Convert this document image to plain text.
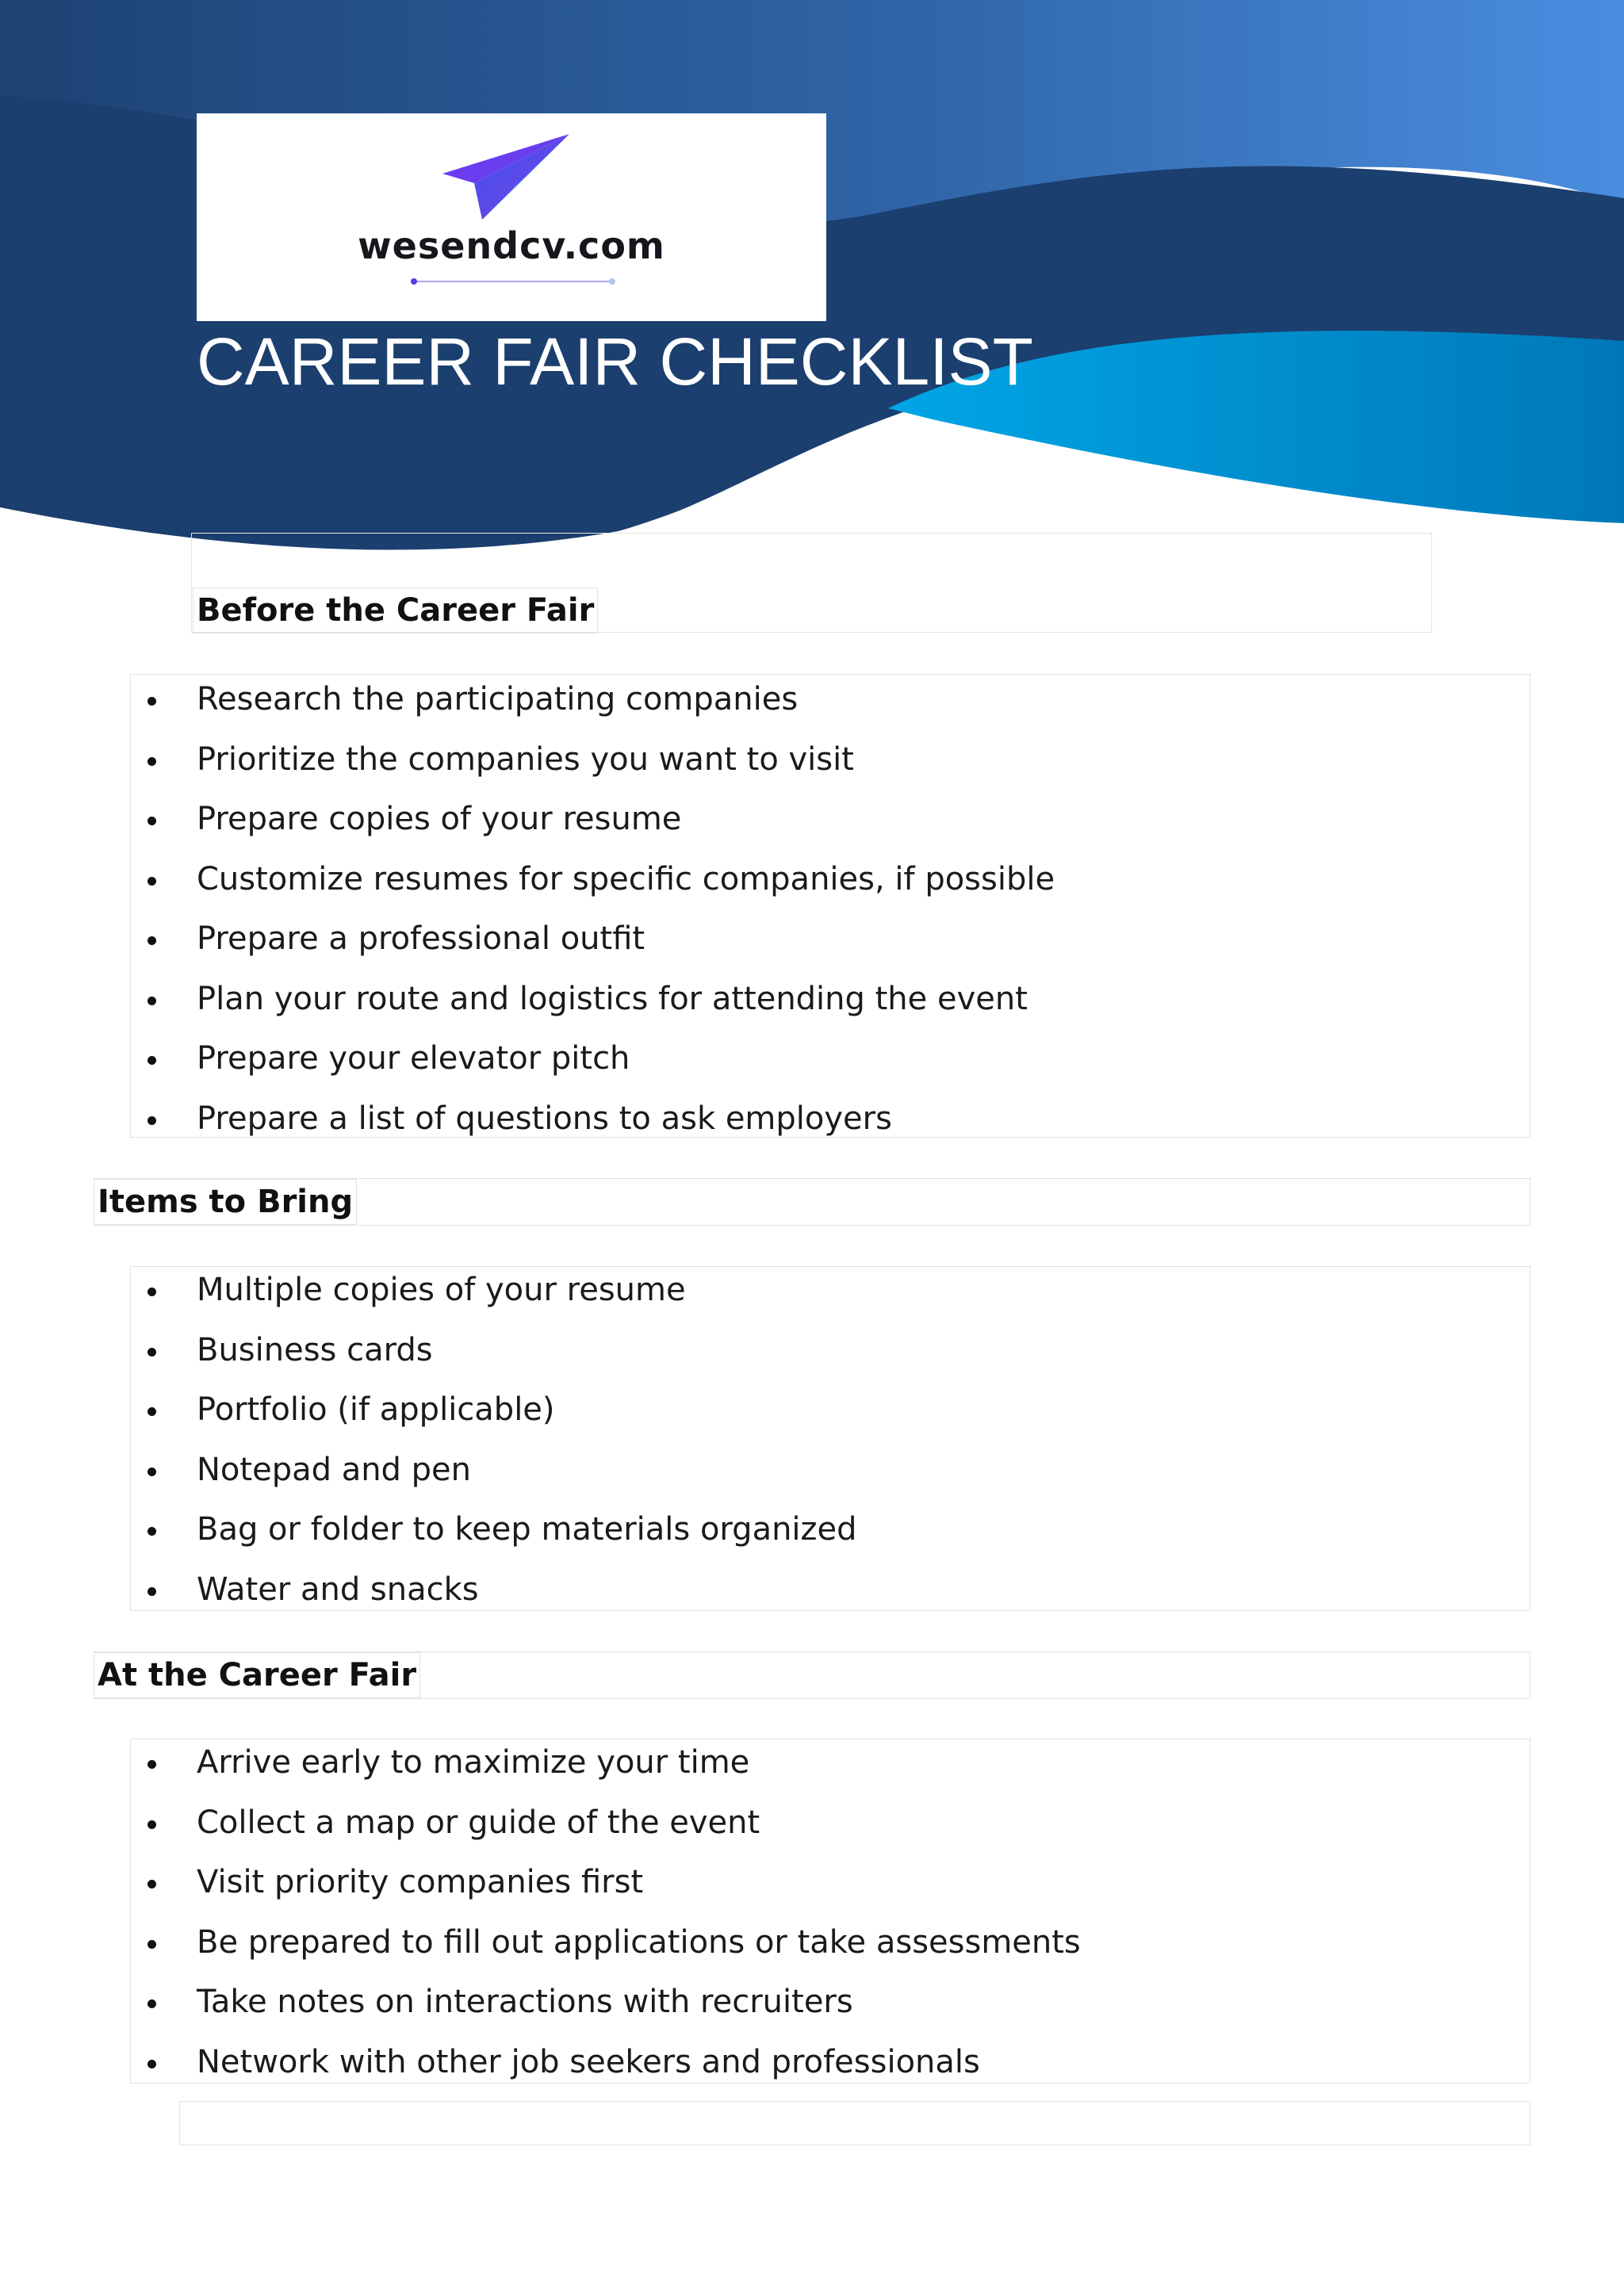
wesendcv.com
CAREER FAIR CHECKLIST
Before the Career Fair
Research the participating companies
Prioritize the companies you want to visit
Prepare copies of your resume
Customize resumes for specific companies, if possible
Prepare a professional outfit
Plan your route and logistics for attending the event
Prepare your elevator pitch
Prepare a list of questions to ask employers
Items to Bring
Multiple copies of your resume
Business cards
Portfolio (if applicable)
Notepad and pen
Bag or folder to keep materials organized
Water and snacks
At the Career Fair
Arrive early to maximize your time
Collect a map or guide of the event
Visit priority companies first
Be prepared to fill out applications or take assessments
Take notes on interactions with recruiters
Network with other job seekers and professionals
